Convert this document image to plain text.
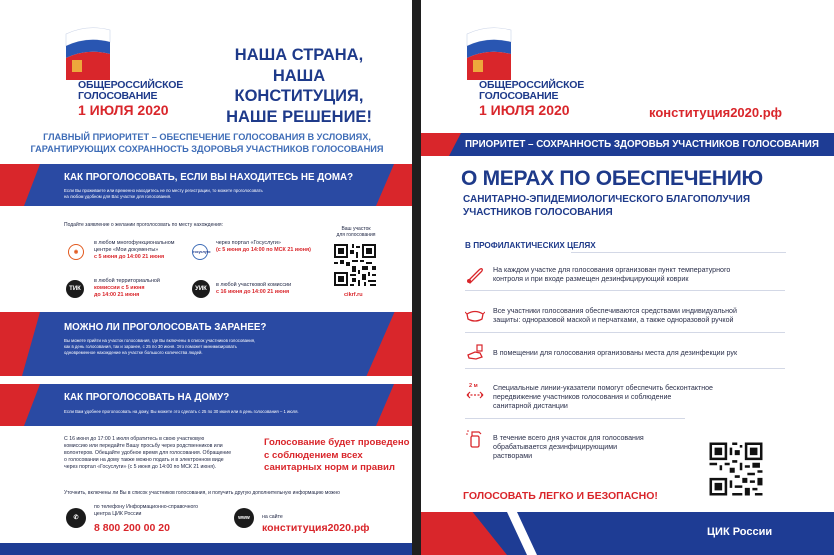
ОБЩЕРОССИЙСКОЕ
ГОЛОСОВАНИЕ
1 ИЮЛЯ 2020
НАША СТРАНА,
НАША КОНСТИТУЦИЯ,
НАШЕ РЕШЕНИЕ!
ГЛАВНЫЙ ПРИОРИТЕТ – ОБЕСПЕЧЕНИЕ ГОЛОСОВАНИЯ В УСЛОВИЯХ,
ГАРАНТИРУЮЩИХ СОХРАННОСТЬ ЗДОРОВЬЯ УЧАСТНИКОВ ГОЛОСОВАНИЯ
КАК ПРОГОЛОСОВАТЬ, ЕСЛИ ВЫ НАХОДИТЕСЬ НЕ ДОМА?
Если Вы проживаете или временно находитесь не по месту регистрации, то можете проголосовать
на любом удобном для Вас участке для голосования.
Подайте заявление о желании проголосовать по месту нахождения:
◉
в любом многофункциональном
центре «Мои документы»
с 5 июня до 14:00 21 июня
госуслуги
через портал «Госуслуги»
(с 5 июня до 14:00 по МСК 21 июня)
ТИК
в любой территориальной
комиссии с 5 июня
до 14:00 21 июня
УИК
в любой участковой комиссии
с 16 июня до 14:00 21 июня
Ваш участок
для голосования
cikrf.ru
МОЖНО ЛИ ПРОГОЛОСОВАТЬ ЗАРАНЕЕ?
Вы можете прийти на участок голосования, где Вы включены в список участников голосования,
как в день голосования, так и заранее, с 25 по 30 июня. Это поможет минимизировать
одновременное нахождение на участке большого количества людей.
КАК ПРОГОЛОСОВАТЬ НА ДОМУ?
Если Вам удобнее проголосовать на дому, Вы можете это сделать с 25 по 30 июня или в день голосования – 1 июля.
С 16 июня до 17:00 1 июля обратитесь в свою участковую
комиссию или передайте Вашу просьбу через родственников или
волонтеров. Обещайте удобное время для голосования. Обращение
о голосовании на дому также можно подать и в электронном виде
через портал «Госуслуги» (с 5 июня до 14:00 по МСК 21 июня).
Голосование будет проведено
с соблюдением всех
санитарных норм и правил
Уточнить, включены ли Вы в список участников голосования, и получить другую дополнительную информацию можно
✆
по телефону Информационно-справочного
центра ЦИК России
8 800 200 00 20
www	на сайте
конституция2020.рф
ОБЩЕРОССИЙСКОЕ
ГОЛОСОВАНИЕ
1 ИЮЛЯ 2020	конституция2020.рф
ПРИОРИТЕТ – СОХРАННОСТЬ ЗДОРОВЬЯ УЧАСТНИКОВ ГОЛОСОВАНИЯ
О МЕРАХ ПО ОБЕСПЕЧЕНИЮ
САНИТАРНО-ЭПИДЕМИОЛОГИЧЕСКОГО БЛАГОПОЛУЧИЯ
УЧАСТНИКОВ ГОЛОСОВАНИЯ
В ПРОФИЛАКТИЧЕСКИХ ЦЕЛЯХ
На каждом участке для голосования организован пункт температурного
контроля и при входе размещен дезинфицирующий коврик
Все участники голосования обеспечиваются средствами индивидуальной
защиты: одноразовой маской и перчатками, а также одноразовой ручкой
В помещении для голосования организованы места для дезинфекции рук
2 м Специальные линии-указатели помогут обеспечить бесконтактное
передвижение участников голосования и соблюдение
санитарной дистанции
В течение всего дня участок для голосования
обрабатывается дезинфицирующими
растворами
ГОЛОСОВАТЬ ЛЕГКО И БЕЗОПАСНО!
ЦИК России
